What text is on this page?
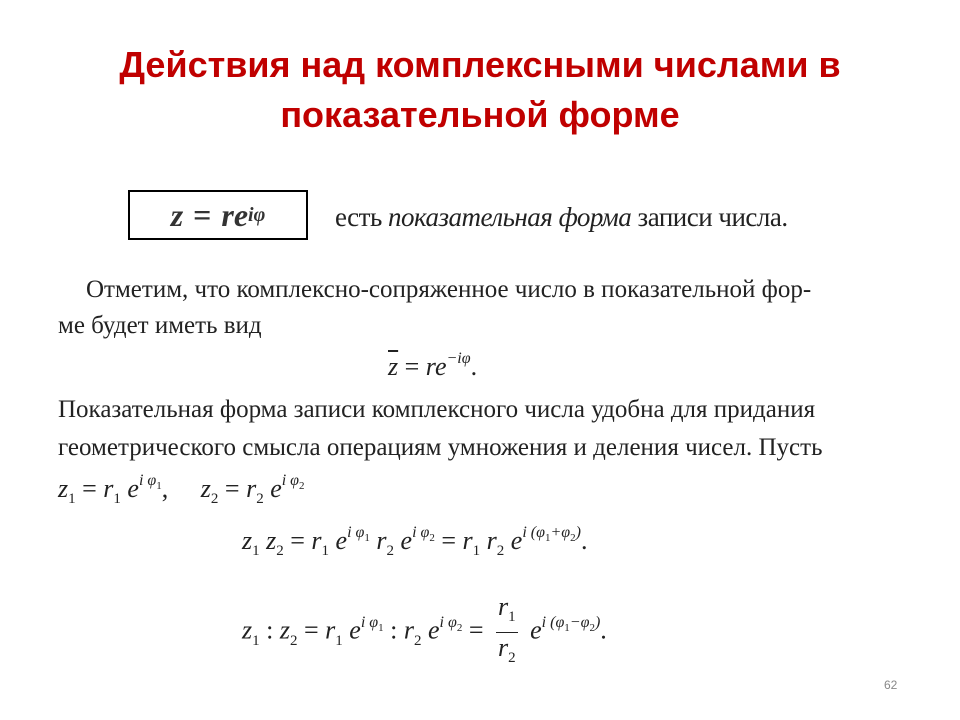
Действия над комплексными числами в показательной форме
z = re iφ	есть показательная форма записи числа.
Отметим, что комплексно-сопряженное число в показательной фор-
ме будет иметь вид
$\overline{z} = re^{-i\varphi}$.
Показательная форма записи комплексного числа удобна для придания
геометрического смысла операциям умножения и деления чисел. Пусть
$z_1 = r_1$ $e^{i \varphi_1}$,     $z_2 = r_2$ $e^{i \varphi_2}$
$z_1$ $z_2 = r_1$ $e^{i \varphi_1}$ $r_2$ $e^{i \varphi_2} = r_1$ $r_2$ $e^{i (\varphi_1+\varphi_2)}$.
$z_1$ : $z_2 = r_1$ $e^{i \varphi_1}$ : $r_2$ $e^{i \varphi_2} = \frac{r_1}{r_2} e^{i (\varphi_1-\varphi_2)}$.
62
